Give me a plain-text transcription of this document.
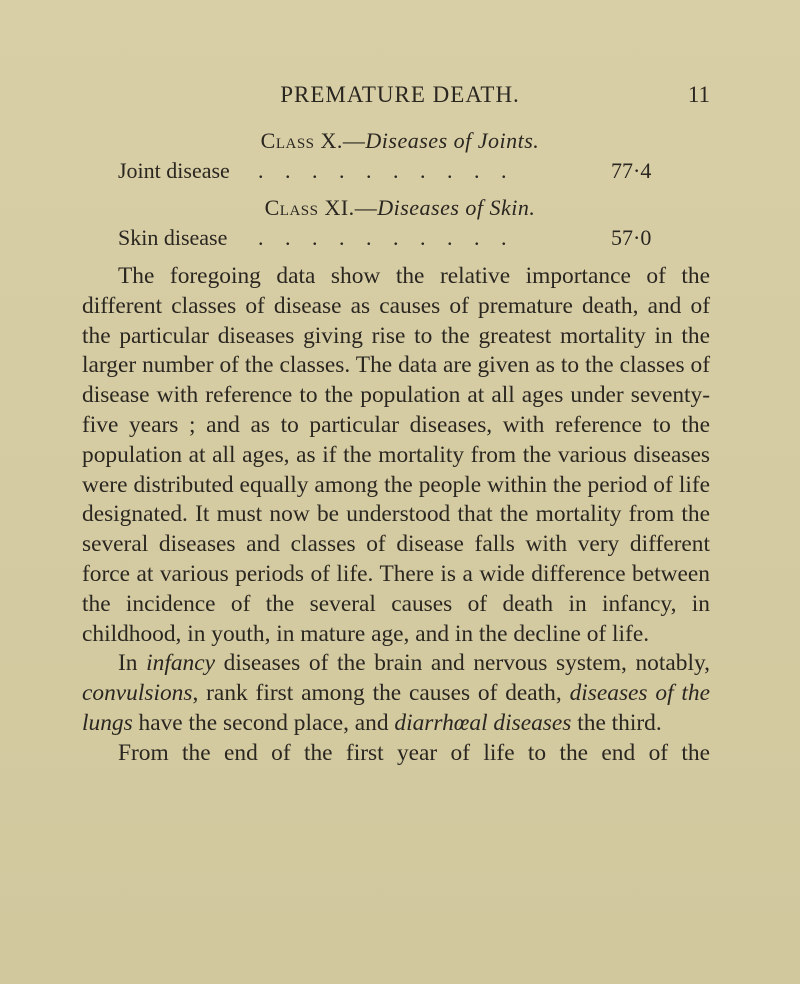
PREMATURE DEATH.	11
Class X.—Diseases of Joints.
Joint disease . . . . . . . . . .	77·4
Class XI.—Diseases of Skin.
Skin disease . . . . . . . . . .	57·0

The foregoing data show the relative importance of the different classes of disease as causes of premature death, and of the particular diseases giving rise to the greatest mortality in the larger number of the classes. The data are given as to the classes of disease with reference to the population at all ages under seventy-five years ; and as to particular diseases, with reference to the population at all ages, as if the mortality from the various diseases were distributed equally among the people within the period of life designated. It must now be understood that the mortality from the several diseases and classes of disease falls with very different force at various periods of life. There is a wide difference between the incidence of the several causes of death in infancy, in childhood, in youth, in mature age, and in the decline of life.

In infancy diseases of the brain and nervous system, notably, convulsions, rank first among the causes of death, diseases of the lungs have the second place, and diarrhœal diseases the third.

From the end of the first year of life to the end of the
